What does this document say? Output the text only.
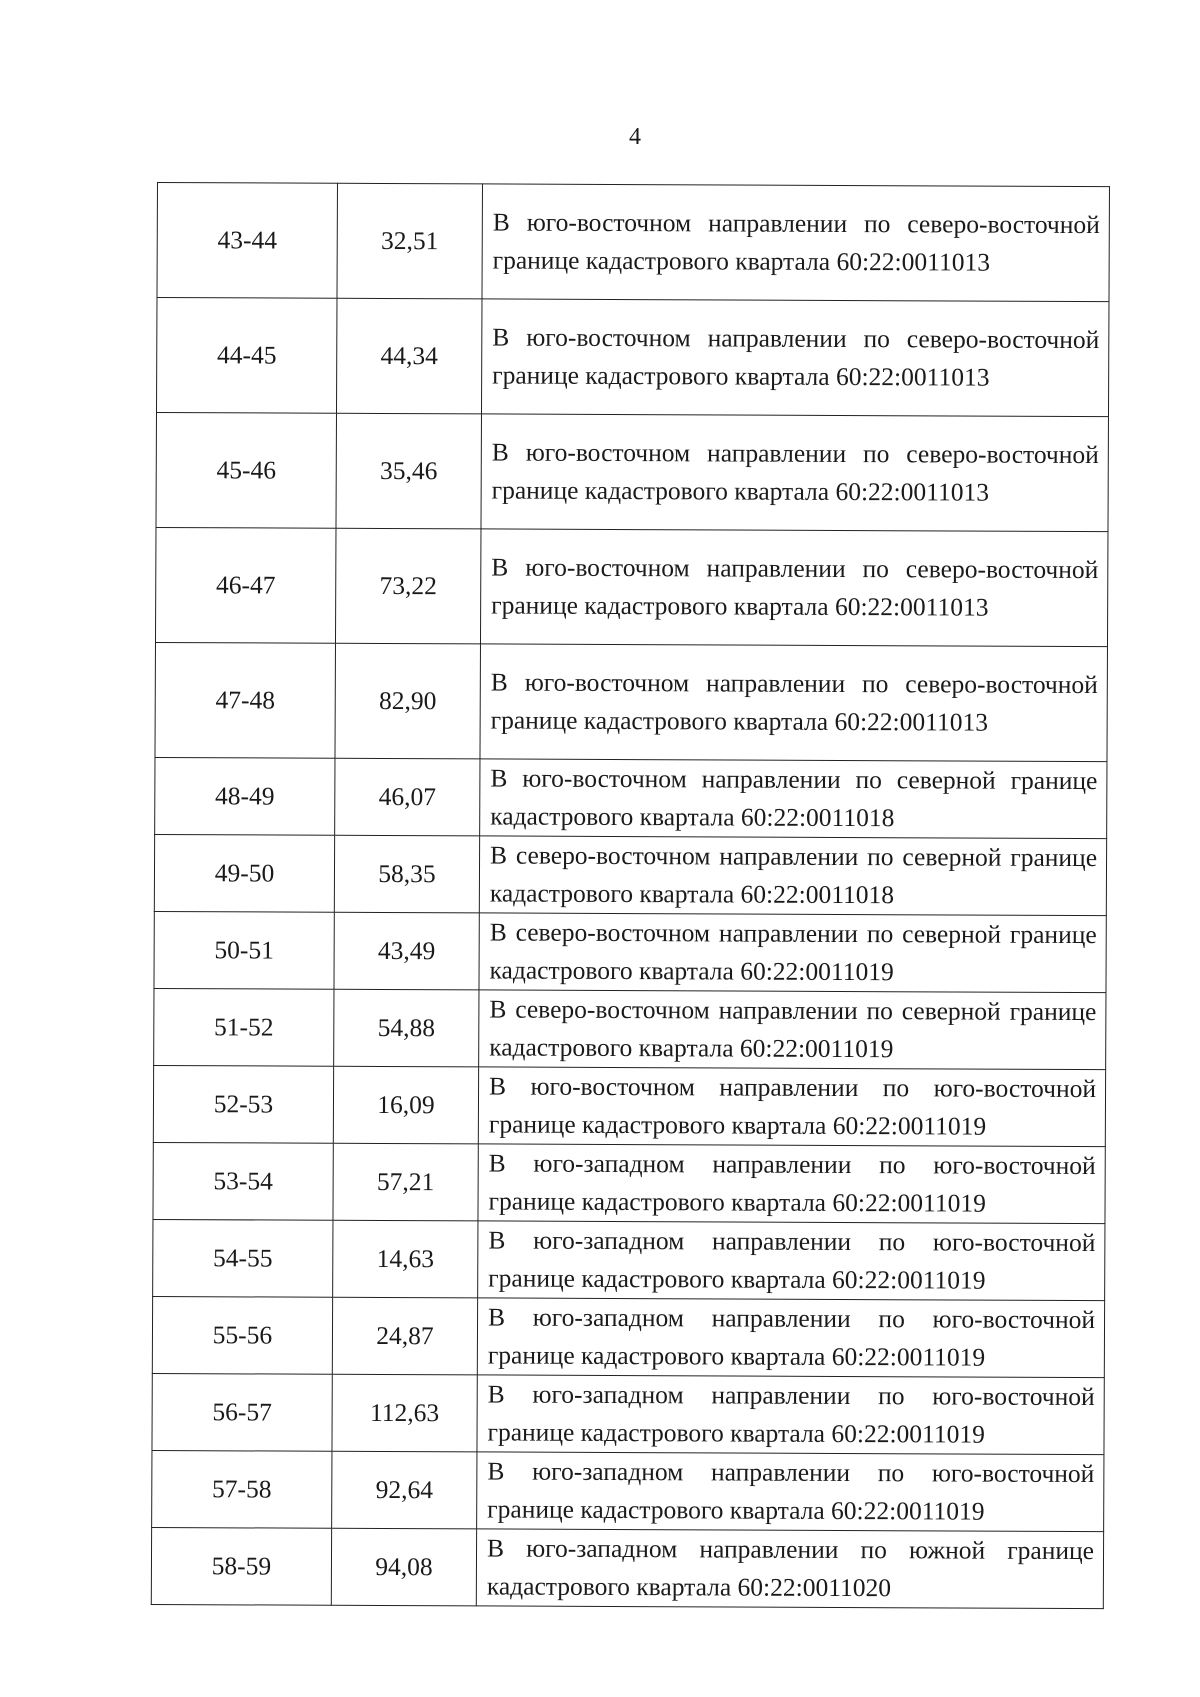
4
43-44	32,51	В юго-восточном направлении по северо-восточной границе кадастрового квартала 60:22:0011013
44-45	44,34	В юго-восточном направлении по северо-восточной границе кадастрового квартала 60:22:0011013
45-46	35,46	В юго-восточном направлении по северо-восточной границе кадастрового квартала 60:22:0011013
46-47	73,22	В юго-восточном направлении по северо-восточной границе кадастрового квартала 60:22:0011013
47-48	82,90	В юго-восточном направлении по северо-восточной границе кадастрового квартала 60:22:0011013
48-49	46,07	В юго-восточном направлении по северной границе кадастрового квартала 60:22:0011018
49-50	58,35	В северо-восточном направлении по северной границе кадастрового квартала 60:22:0011018
50-51	43,49	В северо-восточном направлении по северной границе кадастрового квартала 60:22:0011019
51-52	54,88	В северо-восточном направлении по северной границе кадастрового квартала 60:22:0011019
52-53	16,09	В юго-восточном направлении по юго-восточной границе кадастрового квартала 60:22:0011019
53-54	57,21	В юго-западном направлении по юго-восточной границе кадастрового квартала 60:22:0011019
54-55	14,63	В юго-западном направлении по юго-восточной границе кадастрового квартала 60:22:0011019
55-56	24,87	В юго-западном направлении по юго-восточной границе кадастрового квартала 60:22:0011019
56-57	112,63	В юго-западном направлении по юго-восточной границе кадастрового квартала 60:22:0011019
57-58	92,64	В юго-западном направлении по юго-восточной границе кадастрового квартала 60:22:0011019
58-59	94,08	В юго-западном направлении по южной границе кадастрового квартала 60:22:0011020
